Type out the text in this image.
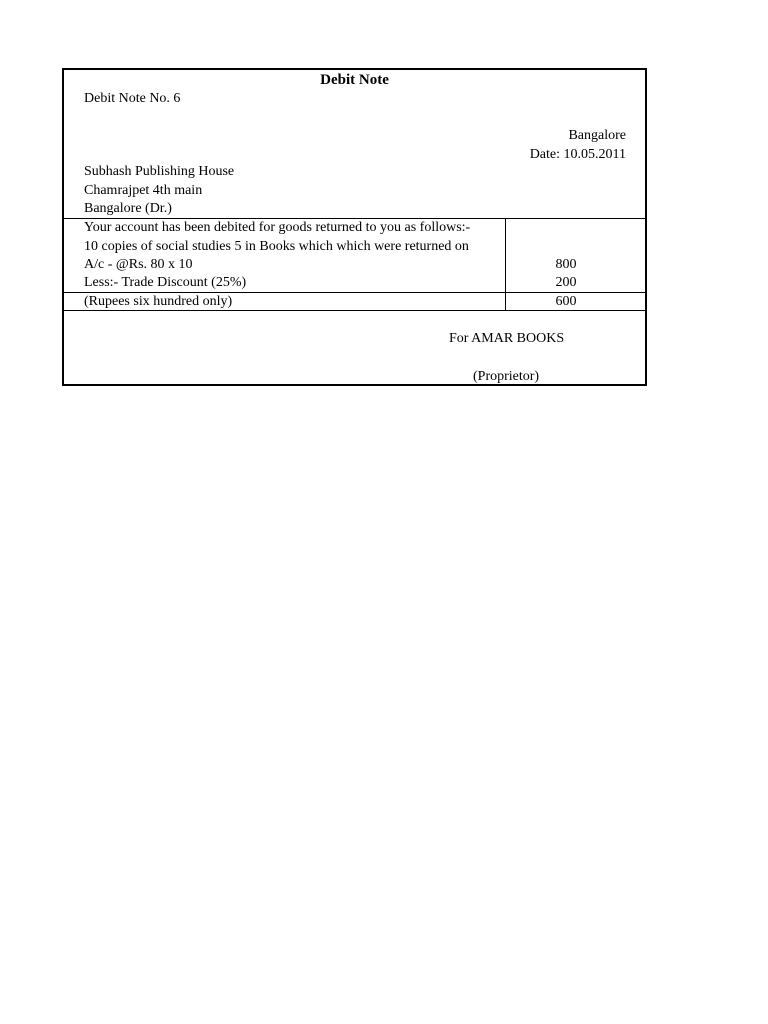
Debit Note
Debit Note No. 6
Bangalore
Date: 10.05.2011
Subhash Publishing House
Chamrajpet 4th main
Bangalore (Dr.)
Your account has been debited for goods returned to you as follows:-
10 copies of social studies 5 in Books which which were returned on
A/c - @Rs. 80 x 10	800
Less:- Trade Discount (25%)	200
(Rupees six hundred only)	600
For AMAR BOOKS
(Proprietor)
